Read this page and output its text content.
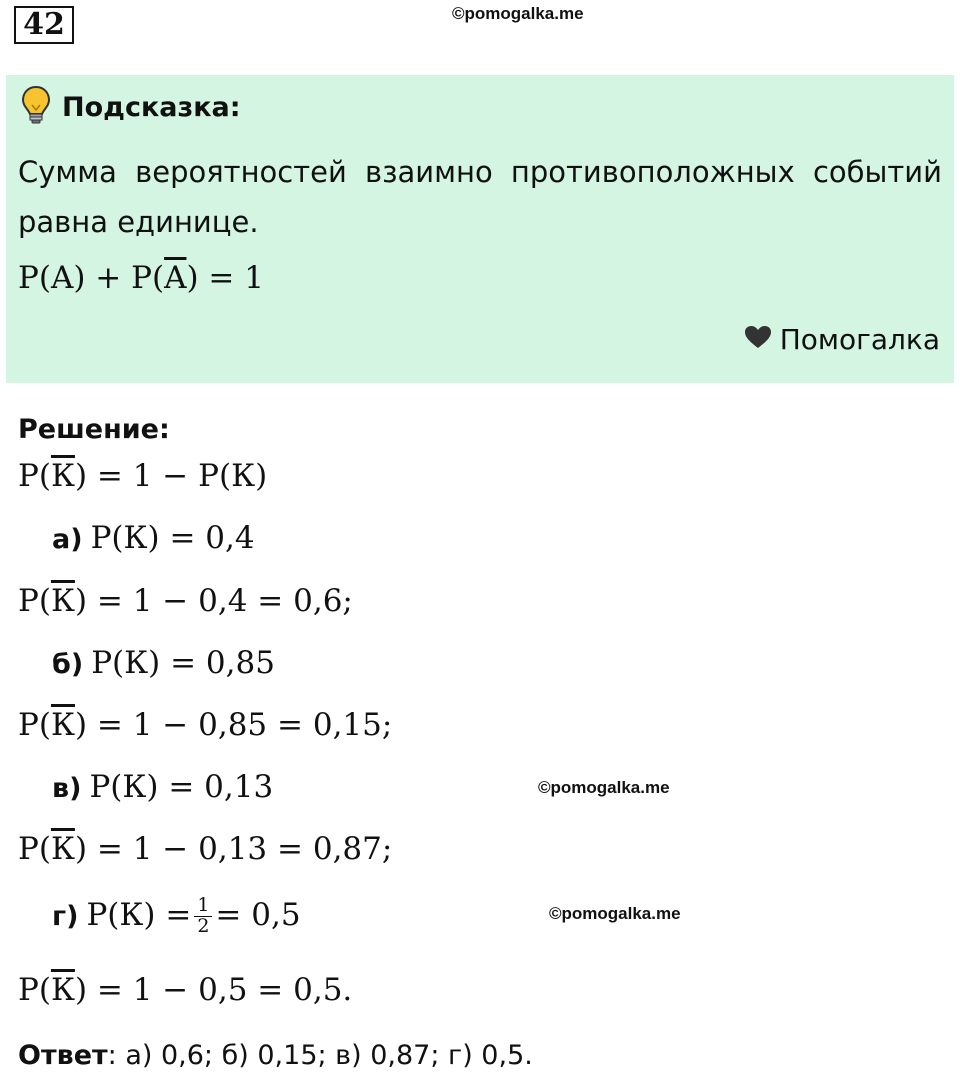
42	©pomogalka.me
Подсказка:
Сумма вероятностей взаимно противоположных событий равна единице.
$P(A) + P(\overline{A}) = 1$
Помогалка
Решение:
P(К) = 1 − P(К)
а) P(К) = 0,4
P(К) = 1 − 0,4 = 0,6;
б) P(К) = 0,85
P(К) = 1 − 0,85 = 0,15;
в) P(К) = 0,13	©pomogalka.me
P(К) = 1 − 0,13 = 0,87;
г) $P(К) = \frac{1}{2} = 0,5$	©pomogalka.me
P(К) = 1 − 0,5 = 0,5.
Ответ: а) 0,6; б) 0,15; в) 0,87; г) 0,5.
